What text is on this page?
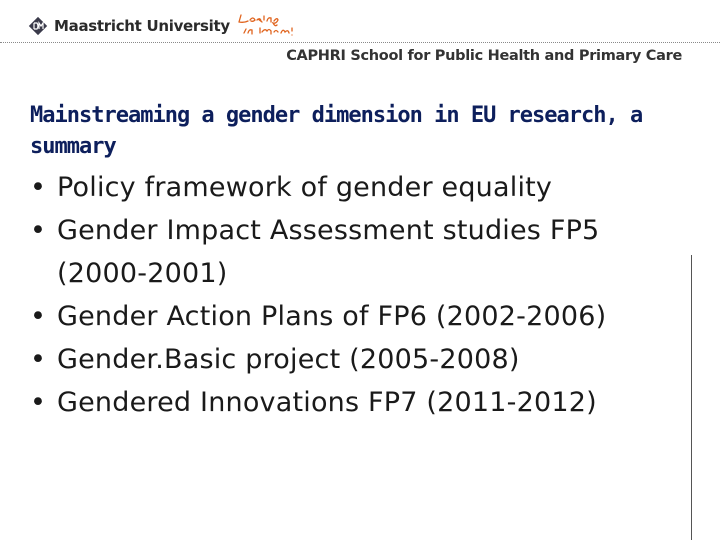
Maastricht University
CAPHRI School for Public Health and Primary Care
Mainstreaming a gender dimension in EU research, a summary
• Policy framework of gender equality
• Gender Impact Assessment studies FP5 (2000-2001)
• Gender Action Plans of FP6 (2002-2006)
• Gender.Basic project (2005-2008)
• Gendered Innovations FP7 (2011-2012)
